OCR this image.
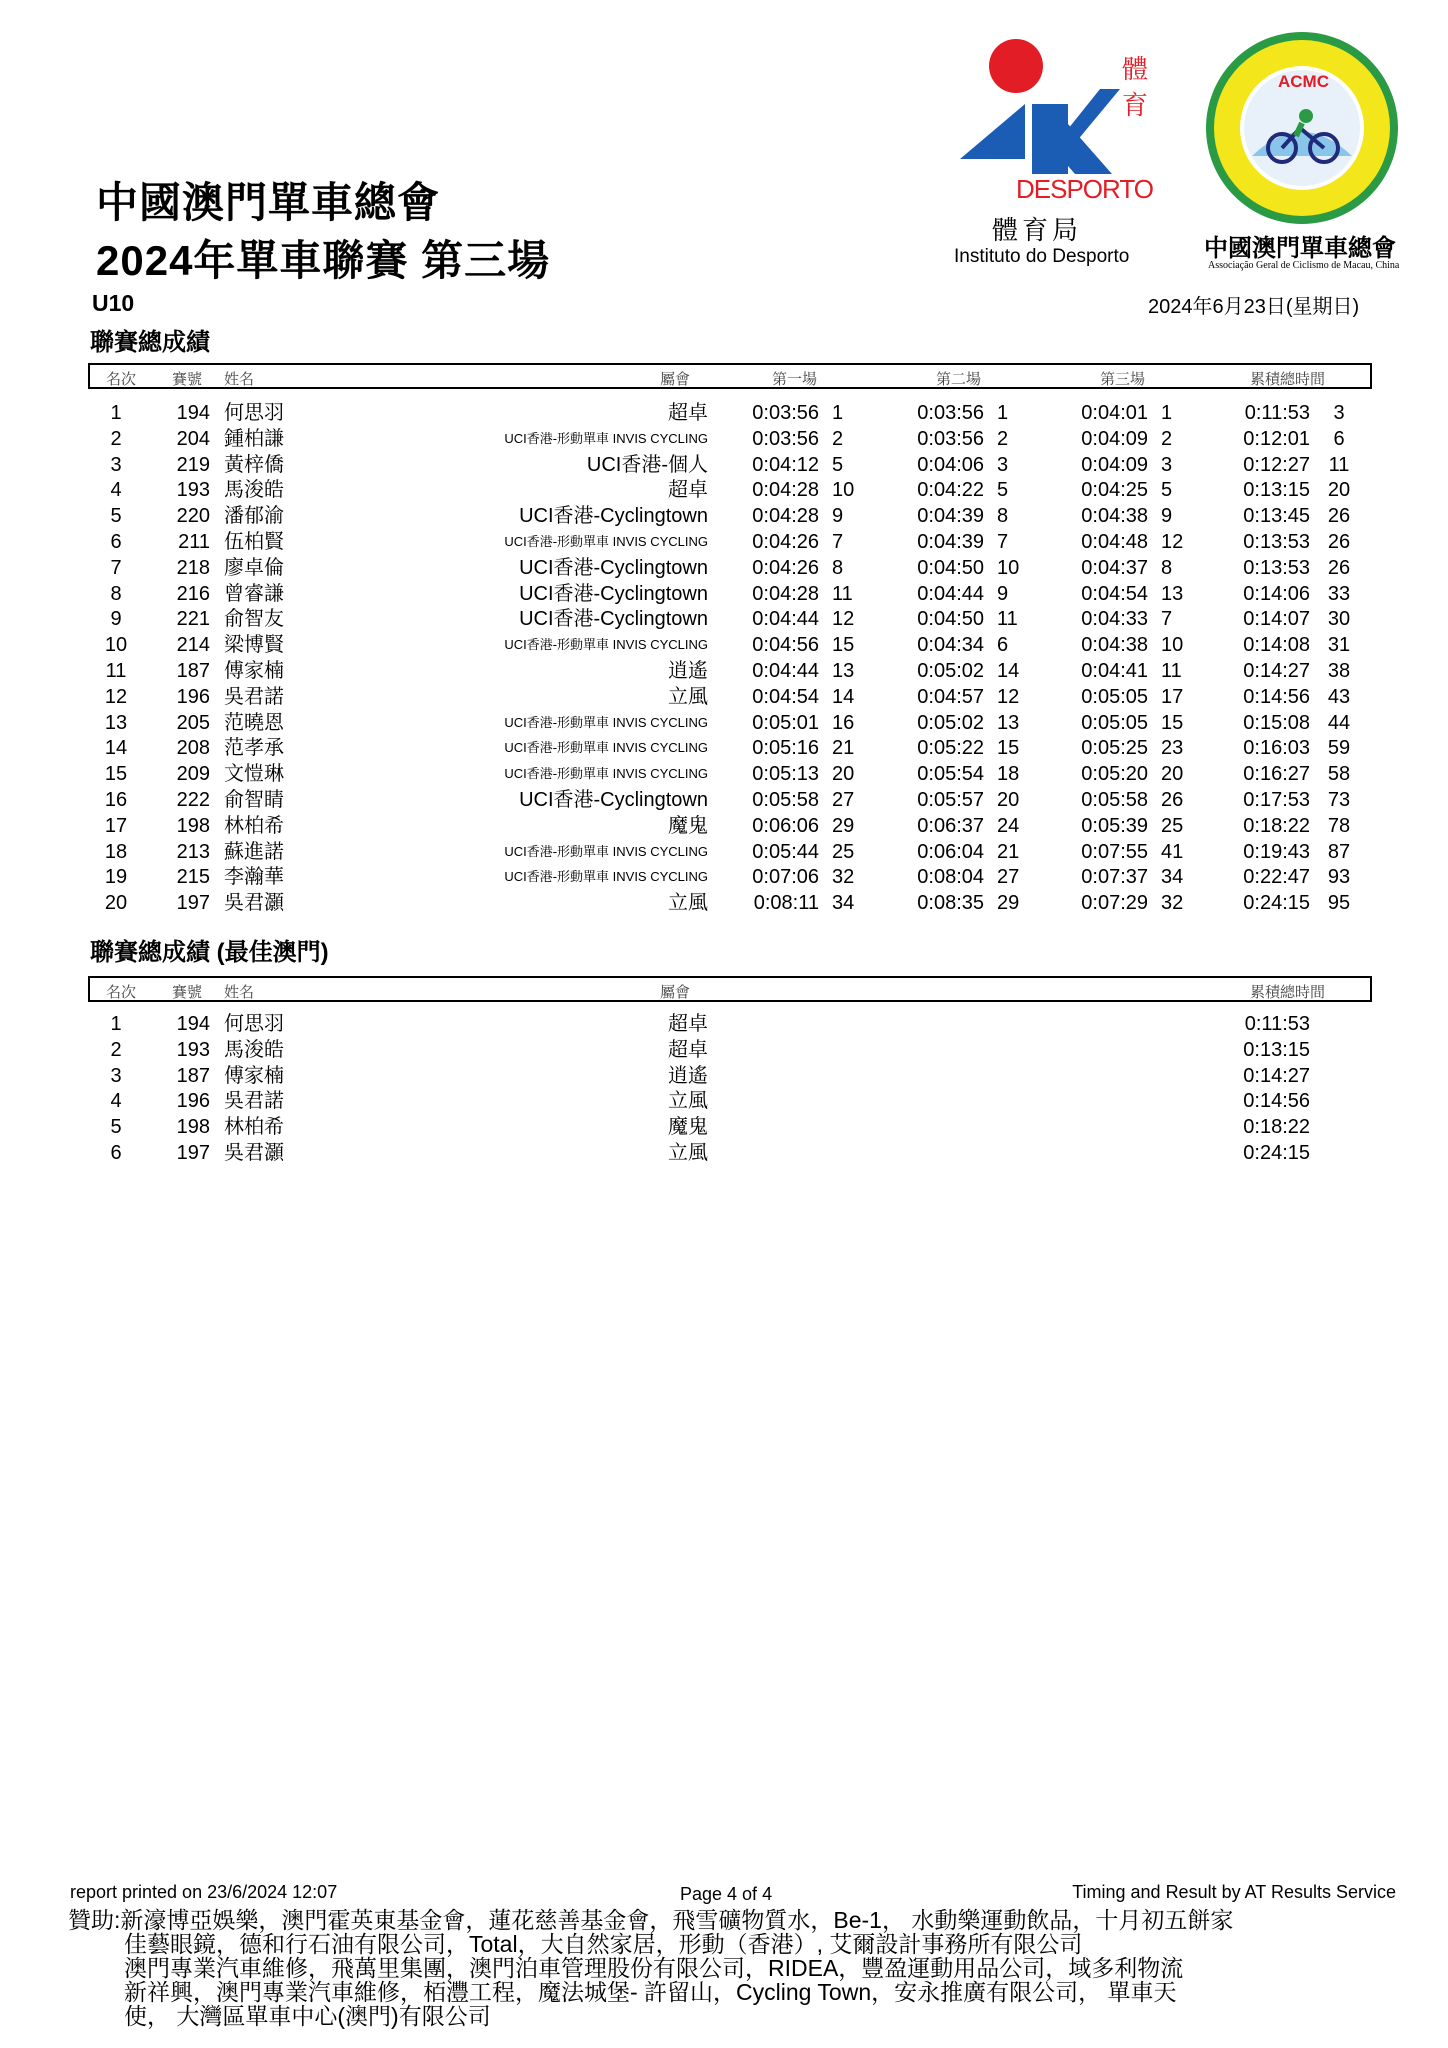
中國澳門單車總會
2024年單車聯賽 第三場
U10	2024年6月23日(星期日)
體
育
DESPORTO
體育局
Instituto do Desporto
ACMC
中國澳門單車總會
Associação Geral de Ciclismo de Macau, China
聯賽總成績
名次 賽號 姓名	屬會	第一場	第二場	第三場	累積總時間
1	194 何思羽	超卓	0:03:56 1	0:03:56 1	0:04:01 1	0:11:53	3
2	204 鍾柏謙	UCI香港-形動單車 INVIS CYCLING	0:03:56 2	0:03:56 2	0:04:09 2	0:12:01	6
3	219 黃梓僑	UCI香港-個人	0:04:12 5	0:04:06 3	0:04:09 3	0:12:27 11
4	193 馬浚皓	超卓	0:04:28 10	0:04:22 5	0:04:25 5	0:13:15 20
5	220 潘郁渝	UCI香港-Cyclingtown	0:04:28 9	0:04:39 8	0:04:38 9	0:13:45 26
6	211 伍柏賢	UCI香港-形動單車 INVIS CYCLING	0:04:26 7	0:04:39 7	0:04:48 12	0:13:53 26
7	218 廖卓倫	UCI香港-Cyclingtown	0:04:26 8	0:04:50 10	0:04:37 8	0:13:53 26
8	216 曾睿謙	UCI香港-Cyclingtown	0:04:28 11	0:04:44 9	0:04:54 13	0:14:06 33
9	221 俞智友	UCI香港-Cyclingtown	0:04:44 12	0:04:50 11	0:04:33 7	0:14:07 30
10	214 梁博賢	UCI香港-形動單車 INVIS CYCLING	0:04:56 15	0:04:34 6	0:04:38 10	0:14:08 31
11	187 傅家楠	逍遙	0:04:44 13	0:05:02 14	0:04:41 11	0:14:27 38
12	196 吳君諾	立風	0:04:54 14	0:04:57 12	0:05:05 17	0:14:56 43
13	205 范曉恩	UCI香港-形動單車 INVIS CYCLING	0:05:01 16	0:05:02 13	0:05:05 15	0:15:08 44
14	208 范孝承	UCI香港-形動單車 INVIS CYCLING	0:05:16 21	0:05:22 15	0:05:25 23	0:16:03 59
15	209 文愷琳	UCI香港-形動單車 INVIS CYCLING	0:05:13 20	0:05:54 18	0:05:20 20	0:16:27 58
16	222 俞智睛	UCI香港-Cyclingtown	0:05:58 27	0:05:57 20	0:05:58 26	0:17:53 73
17	198 林柏希	魔鬼	0:06:06 29	0:06:37 24	0:05:39 25	0:18:22 78
18	213 蘇進諾	UCI香港-形動單車 INVIS CYCLING	0:05:44 25	0:06:04 21	0:07:55 41	0:19:43 87
19	215 李瀚華	UCI香港-形動單車 INVIS CYCLING	0:07:06 32	0:08:04 27	0:07:37 34	0:22:47 93
20	197 吳君灝	立風	0:08:11 34	0:08:35 29	0:07:29 32	0:24:15 95
聯賽總成績 (最佳澳門)
名次 賽號 姓名	屬會	累積總時間
1	194 何思羽	超卓	0:11:53
2	193 馬浚皓	超卓	0:13:15
3	187 傅家楠	逍遙	0:14:27
4	196 吳君諾	立風	0:14:56
5	198 林柏希	魔鬼	0:18:22
6	197 吳君灝	立風	0:24:15
report printed on 23/6/2024 12:07	Page 4 of 4	Timing and Result by AT Results Service
贊助 :新濠博亞娛樂，澳門霍英東基金會，蓮花慈善基金會，飛雪礦物質水，Be-1， 水動樂運動飲品，十月初五餅家
佳藝眼鏡，德和行石油有限公司，Total，大自然家居，形動（香港）, 艾爾設計事務所有限公司
澳門專業汽車維修，飛萬里集團，澳門泊車管理股份有限公司，RIDEA，豐盈運動用品公司，域多利物流
新祥興，澳門專業汽車維修，栢灃工程，魔法城堡- 許留山，Cycling Town，安永推廣有限公司， 單車天
使， 大灣區單車中心(澳門)有限公司
